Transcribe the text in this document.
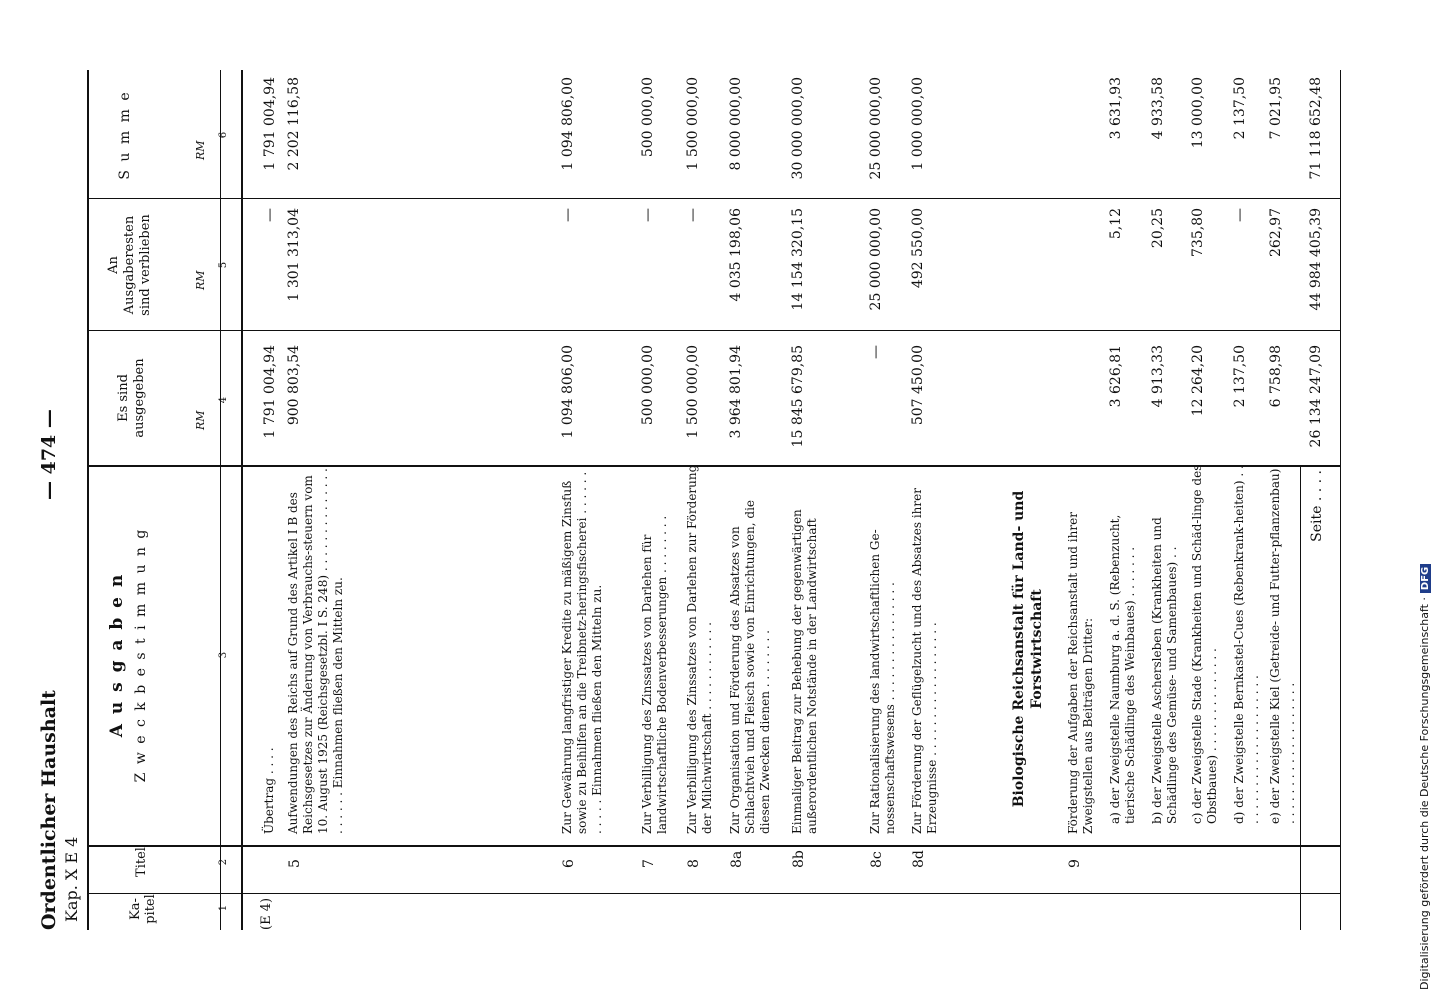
Ordentlicher Haushalt Kap. X E 4
— 474 —
Ka-pitel
Titel
A u s g a b e n Z w e c k b e s t i m m u n g
Es sind ausgegeben
An Ausgaberesten sind verblieben
S u m m e
RM
RM
RM
1
2
3
4
5
6
(E 4)
Übertrag . . . .
1 791 004,94
—
1 791 004,94
5
Aufwendungen des Reichs auf Grund des Artikel I B des Reichsgesetzes zur Änderung von Verbrauchs-steuern vom 10. August 1925 (Reichsgesetzbl. I S. 248) . . . . . . . . . . . . . . . . . . . . Einnahmen fließen den Mitteln zu.
900 803,54
1 301 313,04
2 202 116,58
6
Zur Gewährung langfristiger Kredite zu mäßigem Zinsfuß sowie zu Beihilfen an die Treibnetz-heringsfischerei . . . . . . . . . . . . Einnahmen fließen den Mitteln zu.
1 094 806,00
—
1 094 806,00
7
Zur Verbilligung des Zinssatzes von Darlehen für landwirtschaftliche Bodenverbesserungen . . . . . . . .
500 000,00
—
500 000,00
8
Zur Verbilligung des Zinssatzes von Darlehen zur Förderung der Milchwirtschaft . . . . . . . . . . . .
1 500 000,00
—
1 500 000,00
8a
Zur Organisation und Förderung des Absatzes von Schlachtvieh und Fleisch sowie von Einrichtungen, die diesen Zwecken dienen . . . . . . . .
3 964 801,94
4 035 198,06
8 000 000,00
8b
Einmaliger Beitrag zur Behebung der gegenwärtigen außerordentlichen Notstände in der Landwirtschaft
15 845 679,85
14 154 320,15
30 000 000,00
8c
Zur Rationalisierung des landwirtschaftlichen Ge-nossenschaftswesens . . . . . . . . . . . . . . . .
—
25 000 000,00
25 000 000,00
8d
Zur Förderung der Geflügelzucht und des Absatzes ihrer Erzeugnisse . . . . . . . . . . . . . . . . . .
507 450,00
492 550,00
1 000 000,00
Biologische Reichsanstalt für Land- und Forstwirtschaft
9
Förderung der Aufgaben der Reichsanstalt und ihrer Zweigstellen aus Beiträgen Dritter: a) der Zweigstelle Naumburg a. d. S. (Rebenzucht, tierische Schädlinge des Weinbaues) . . . . . . .
3 626,81
5,12
3 631,93
b) der Zweigstelle Aschersleben (Krankheiten und Schädlinge des Gemüse- und Samenbaues) . .
4 913,33
20,25
4 933,58
c) der Zweigstelle Stade (Krankheiten und Schäd-linge des Obstbaues) . . . . . . . . . . . . . .
12 264,20
735,80
13 000,00
d) der Zweigstelle Bernkastel-Cues (Rebenkrank-heiten) . . . . . . . . . . . . . . . . . . . . . .
2 137,50
—
2 137,50
e) der Zweigstelle Kiel (Getreide- und Futter-pflanzenbau) . . . . . . . . . . . . . . . . . . .
6 758,98
262,97
7 021,95
Seite . . . .
26 134 247,09
44 984 405,39
71 118 652,48
Digitalisierung gefördert durch die Deutsche Forschungsgemeinschaft ·DFG
